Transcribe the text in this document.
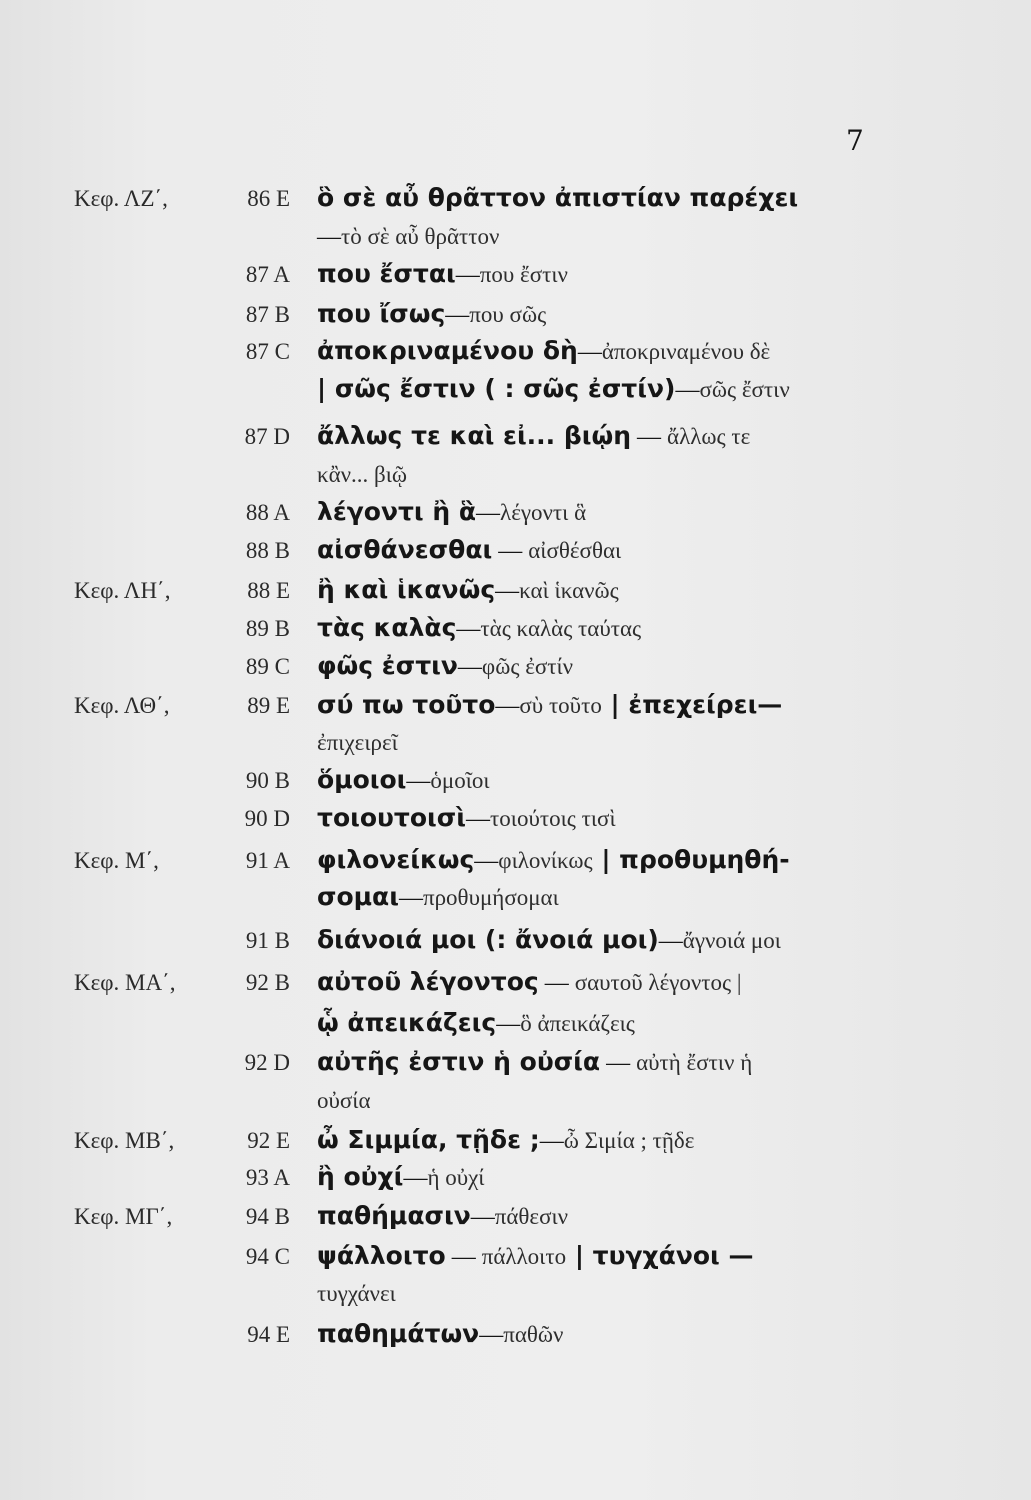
7
Κεφ. ΛΖ΄,	86 E ὃ σὲ αὖ θρᾶττον ἀπιστίαν παρέχει
—τὸ σὲ αὖ θρᾶττον
87 A που ἔσται—που ἔστιν
87 B που ἴσως—που σῶς
87 C ἀποκριναμένου δὴ—ἀποκριναμένου δὲ
| σῶς ἔστιν ( : σῶς ἐστίν)—σῶς ἔστιν
87 D ἄλλως τε καὶ εἰ... βιῴη — ἄλλως τε
κἂν... βιῷ
88 A λέγοντι ἢ ἃ—λέγοντι ἃ
88 B αἰσθάνεσθαι — αἰσθέσθαι
Κεφ. ΛΗ΄,	88 E ἢ καὶ ἱκανῶς—καὶ ἱκανῶς
89 B τὰς καλὰς—τὰς καλὰς ταύτας
89 C φῶς ἐστιν—φῶς ἐστίν
Κεφ. ΛΘ΄,	89 E σύ πω τοῦτο—σὺ τοῦτο | ἐπεχείρει—
ἐπιχειρεῖ
90 B ὅμοιοι—ὁμοῖοι
90 D τοιουτοισὶ—τοιούτοις τισὶ
Κεφ. Μ΄,	91 A φιλονείκως—φιλονίκως | προθυμηθή-
σομαι—προθυμήσομαι
91 B διάνοιά μοι (: ἄνοιά μοι)—ἄγνοιά μοι
Κεφ. ΜΑ΄,	92 B αὐτοῦ λέγοντος — σαυτοῦ λέγοντος |
ᾧ ἀπεικάζεις—ὃ ἀπεικάζεις
92 D αὐτῆς ἐστιν ἡ οὐσία — αὐτὴ ἔστιν ἡ
οὐσία
Κεφ. ΜΒ΄,	92 E ὦ Σιμμία, τῇδε ;—ὦ Σιμία ; τῇδε
93 A ἢ οὐχί—ἡ οὐχί
Κεφ. ΜΓ΄,	94 B παθήμασιν—πάθεσιν
94 C ψάλλοιτο — πάλλοιτο | τυγχάνοι —
τυγχάνει
94 E παθημάτων—παθῶν
